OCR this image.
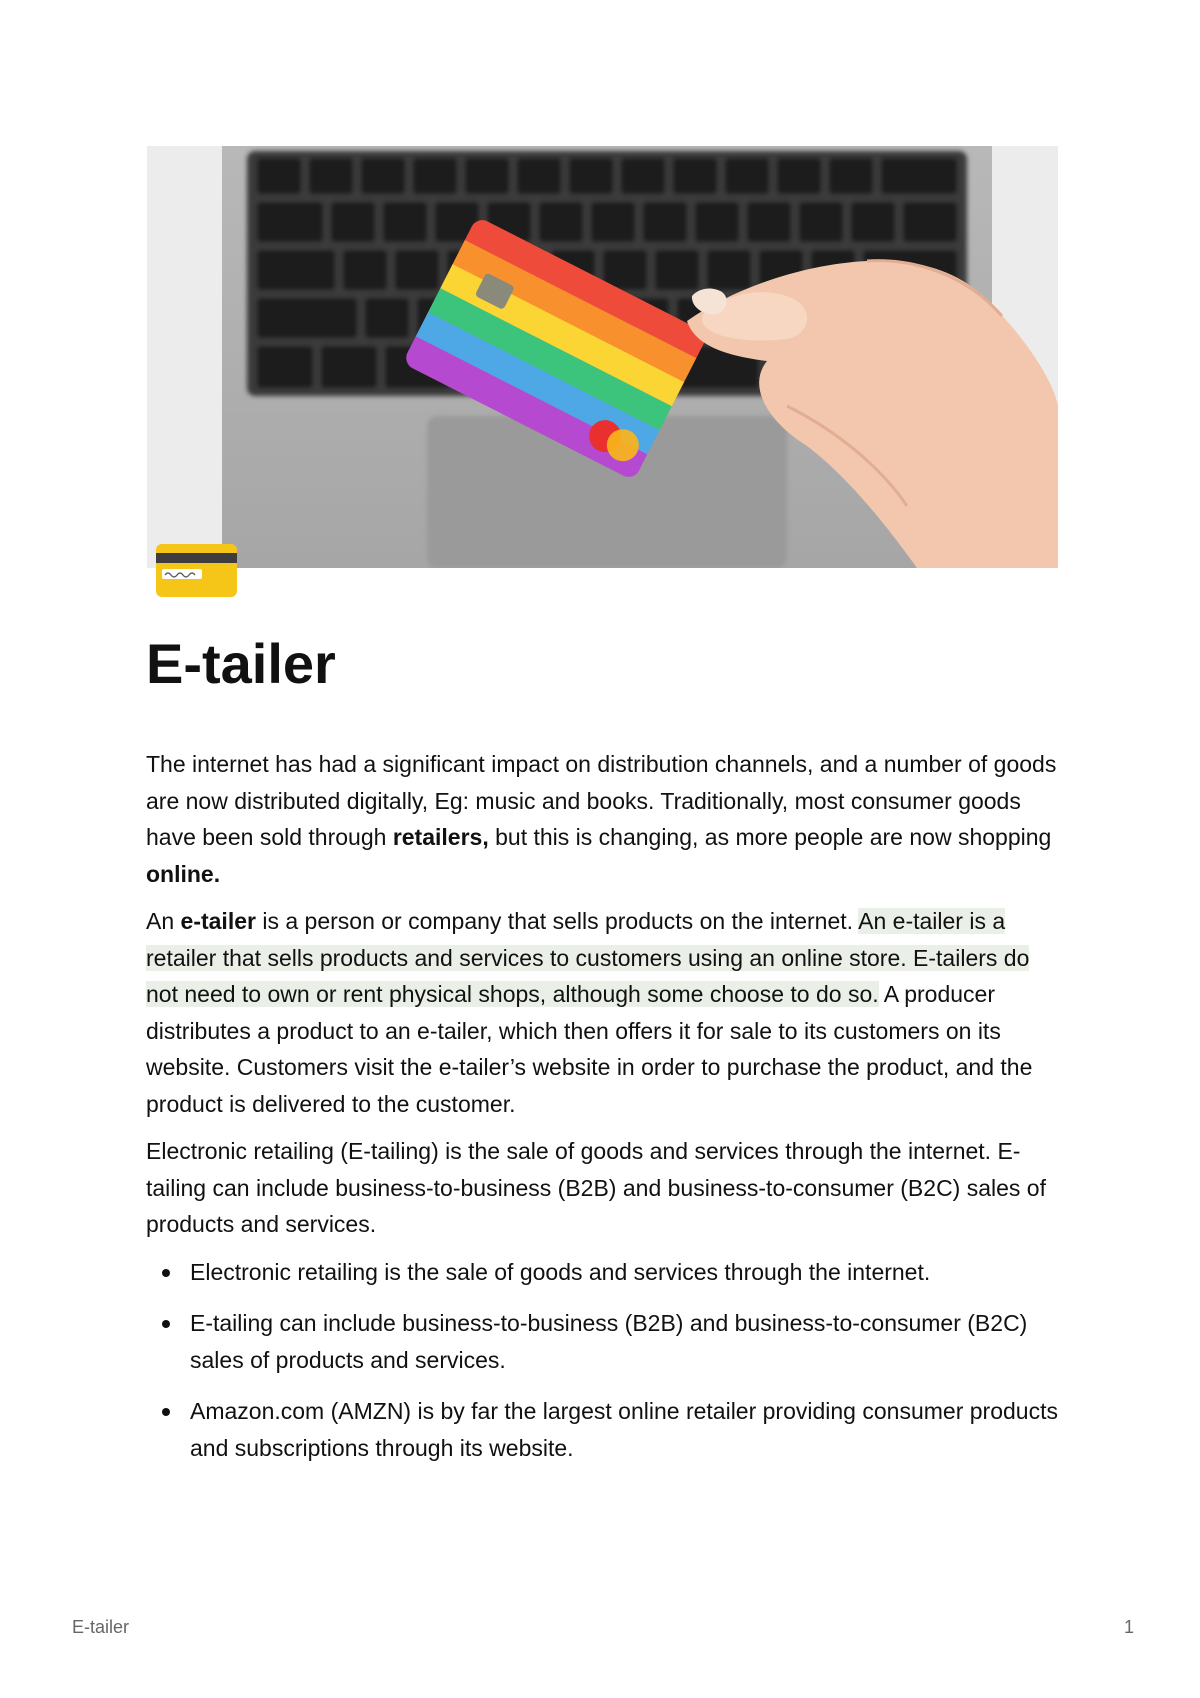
E-tailer

The internet has had a significant impact on distribution channels, and a number of goods are now distributed digitally, Eg: music and books. Traditionally, most consumer goods have been sold through retailers, but this is changing, as more people are now shopping online.

An e-tailer is a person or company that sells products on the internet. An e-tailer is a retailer that sells products and services to customers using an online store. E-tailers do not need to own or rent physical shops, although some choose to do so. A producer distributes a product to an e-tailer, which then offers it for sale to its customers on its website. Customers visit the e-tailer’s website in order to purchase the product, and the product is delivered to the customer.

Electronic retailing (E-tailing) is the sale of goods and services through the internet. E-tailing can include business-to-business (B2B) and business-to-consumer (B2C) sales of products and services.

Electronic retailing is the sale of goods and services through the internet.
E-tailing can include business-to-business (B2B) and business-to-consumer (B2C) sales of products and services.
Amazon.com (AMZN) is by far the largest online retailer providing consumer products and subscriptions through its website.
E-tailer	1
